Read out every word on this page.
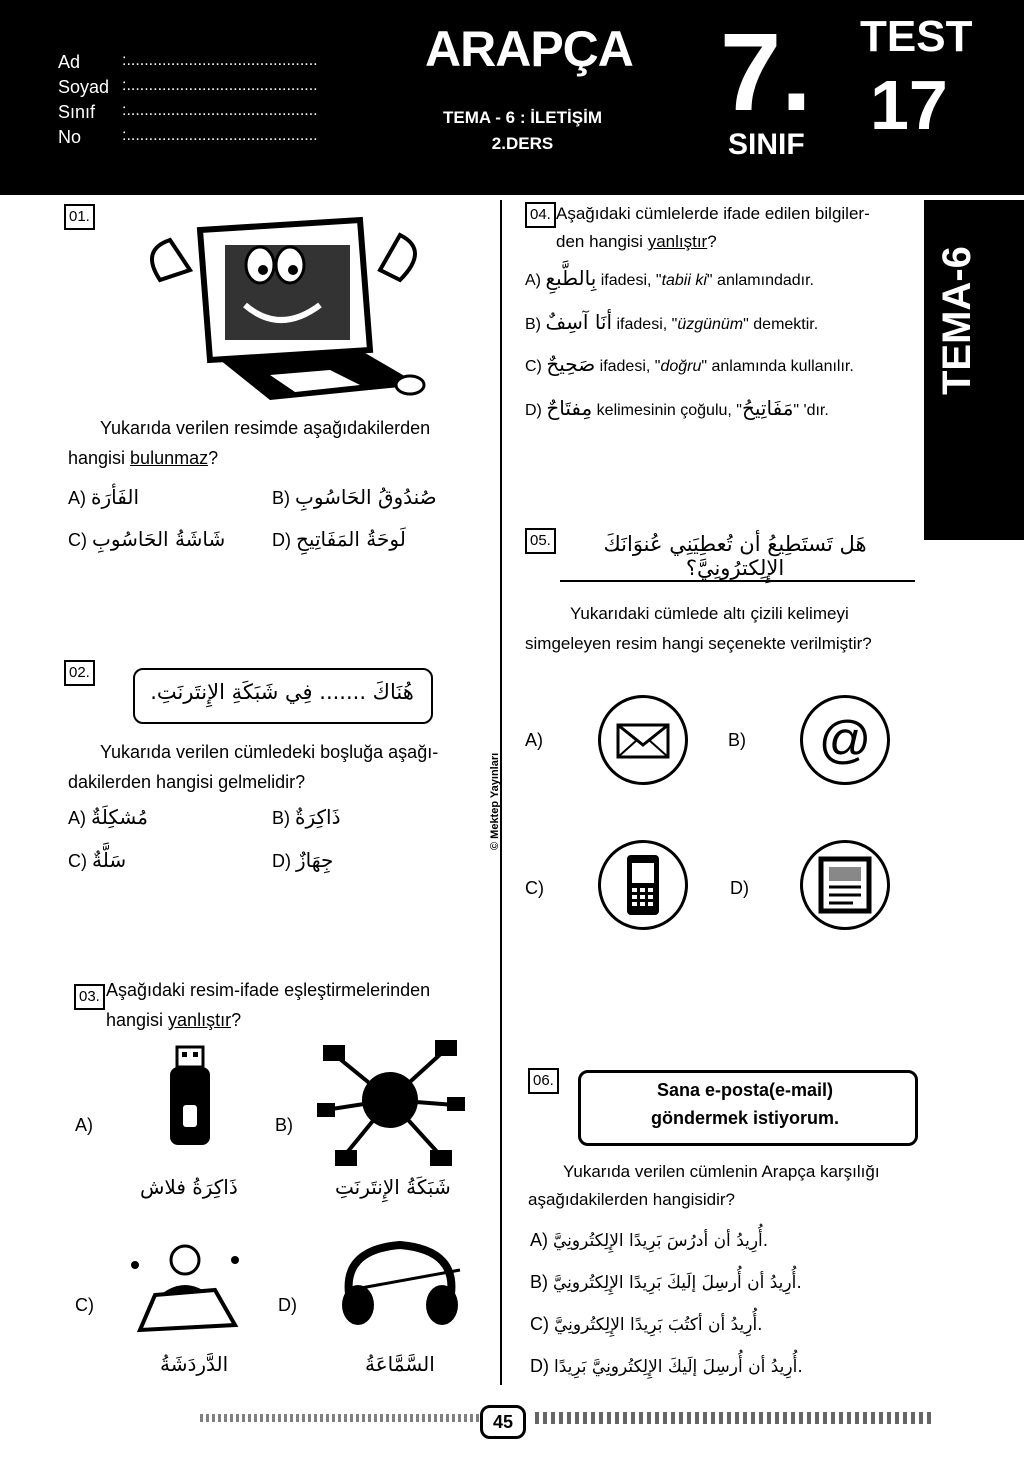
Ad	:...........................................
Soyad :...........................................
Sınıf :...........................................
No	:...........................................
ARAPÇA
TEMA - 6 : İLETİŞİM
2.DERS
7.
SINIF
TEST
17
TEMA-6
© Mektep Yayınları
01.
Yukarıda verilen resimde aşağıdakilerden
hangisi bulunmaz?
A) الفَأرَة	B) صُندُوقُ الحَاسُوبِ
C) شَاشَةُ الحَاسُوبِ	D) لَوحَةُ المَفَاتِيحِ
02.
هُنَاكَ ....... فِي شَبَكَةِ الإِنتَرنَتِ.
Yukarıda verilen cümledeki boşluğa aşağı-
dakilerden hangisi gelmelidir?
A) مُشكِلَةٌ	B) ذَاكِرَةٌ
C) سَلَّةٌ	D) جِهَازٌ
03. Aşağıdaki resim-ifade eşleştirmelerinden
hangisi yanlıştır?
A)
ذَاكِرَةُ فلاش
B)
شَبَكَةُ الإِنتَرنَتِ
C)
الدَّردَشَةُ
D)
السَّمَّاعَةُ
04. Aşağıdaki cümlelerde ifade edilen bilgiler-
den hangisi yanlıştır?
A) بِالطَّبعِ ifadesi, "tabii ki" anlamındadır.
B) أنَا آسِفٌ ifadesi, "üzgünüm" demektir.
C) صَحِيحٌ ifadesi, "doğru" anlamında kullanılır.
D) مِفتَاحٌ kelimesinin çoğulu, "مَفَاتِيحُ" 'dır.
05.	هَل تَستَطِيعُ أن تُعطِيَنِي عُنوَانَكَ الإِلِكترُونِيَّ؟
Yukarıdaki cümlede altı çizili kelimeyi
simgeleyen resim hangi seçenekte verilmiştir?
A)	B)	@
C)	D)
06.	Sana e-posta(e-mail)
göndermek istiyorum.
Yukarıda verilen cümlenin Arapça karşılığı
aşağıdakilerden hangisidir?
A) أُرِيدُ أن أدرُسَ بَرِيدًا الإِلِكتُرونِيَّ.
B) أُرِيدُ أن أُرسِلَ إلَيكَ بَرِيدًا الإِلِكتُرونِيَّ.
C) أُرِيدُ أن أكتُبَ بَرِيدًا الإِلِكتُرونِيَّ.
D) أُرِيدُ أن أُرسِلَ إلَيكَ الإِلِكتُرونِيَّ بَرِيدًا.
45
